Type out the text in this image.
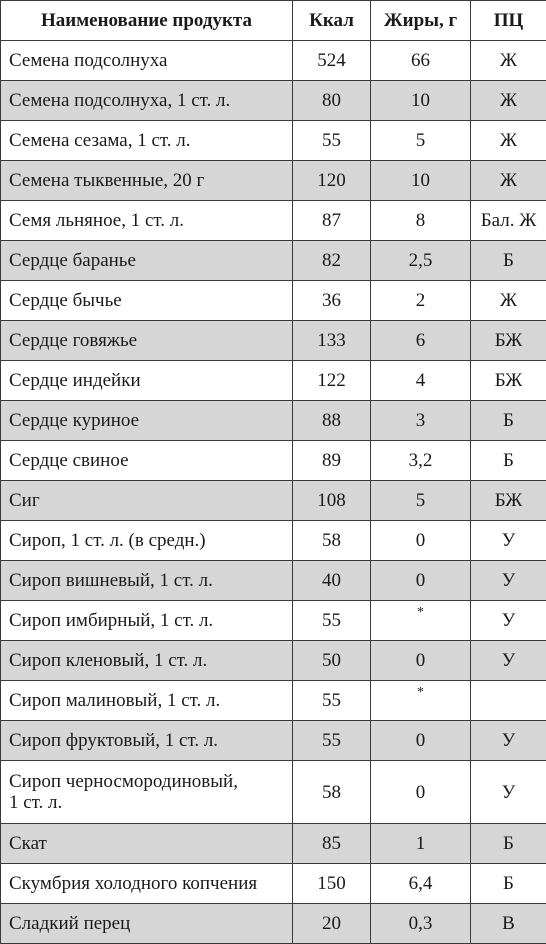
Наименование продукта	Ккал	Жиры, г	ПЦ
Семена подсолнуха	524	66	Ж
Семена подсолнуха, 1 ст. л.	80	10	Ж
Семена сезама, 1 ст. л.	55	5	Ж
Семена тыквенные, 20 г	120	10	Ж
Семя льняное, 1 ст. л.	87	8	Бал. Ж
Сердце баранье	82	2,5	Б
Сердце бычье	36	2	Ж
Сердце говяжье	133	6	БЖ
Сердце индейки	122	4	БЖ
Сердце куриное	88	3	Б
Сердце свиное	89	3,2	Б
Сиг	108	5	БЖ
Сироп, 1 ст. л. (в средн.)	58	0	У
Сироп вишневый, 1 ст. л.	40	0	У
Сироп имбирный, 1 ст. л.	55	*	У
Сироп кленовый, 1 ст. л.	50	0	У
Сироп малиновый, 1 ст. л.	55	*	
Сироп фруктовый, 1 ст. л.	55	0	У
Сироп черносмородиновый,
1 ст. л.	58	0	У
Скат	85	1	Б
Скумбрия холодного копчения	150	6,4	Б
Сладкий перец	20	0,3	В
